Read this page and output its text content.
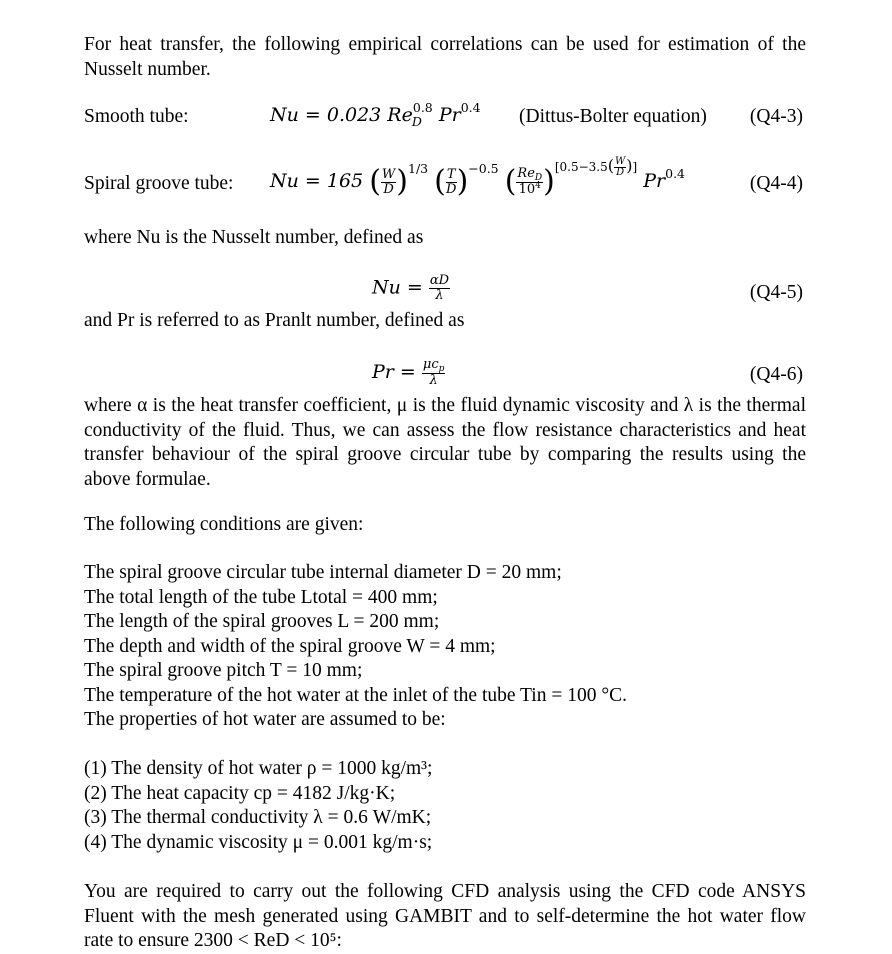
For heat transfer, the following empirical correlations can be used for estimation of the Nusselt number.
Smooth tube:	Nu = 0.023 $Re_D^{0.8}$ $Pr^{0.4}$ (Dittus-Bolter equation) (Q4-3)
Spiral groove tube: Nu = 165 ( $\frac{W}{D} )^{1/3}$ ( $\frac{T}{D} )^{-0.5}$ ( $\frac{Re_D}{10^4} )[0.5-3.5( W D )]$ $Pr^{0.4}$	(Q4-4)
where Nu is the Nusselt number, defined as
$Nu = \frac{\alpha D}{\lambda}$	(Q4-5)
and Pr is referred to as Pranlt number, defined as
$Pr = \frac{\mu c_p}{\lambda}$	(Q4-6)
where α is the heat transfer coefficient, μ is the fluid dynamic viscosity and λ is the thermal conductivity of the fluid. Thus, we can assess the flow resistance characteristics and heat transfer behaviour of the spiral groove circular tube by comparing the results using the above formulae.
The following conditions are given:
The spiral groove circular tube internal diameter D = 20 mm;
The total length of the tube Ltotal = 400 mm;
The length of the spiral grooves L = 200 mm;
The depth and width of the spiral groove W = 4 mm;
The spiral groove pitch T = 10 mm;
The temperature of the hot water at the inlet of the tube Tin = 100 °C.
The properties of hot water are assumed to be:
(1) The density of hot water ρ = 1000 kg/m³;
(2) The heat capacity cp = 4182 J/kg·K;
(3) The thermal conductivity λ = 0.6 W/mK;
(4) The dynamic viscosity μ = 0.001 kg/m·s;
You are required to carry out the following CFD analysis using the CFD code ANSYS Fluent with the mesh generated using GAMBIT and to self-determine the hot water flow rate to ensure 2300 < ReD < 10⁵:
